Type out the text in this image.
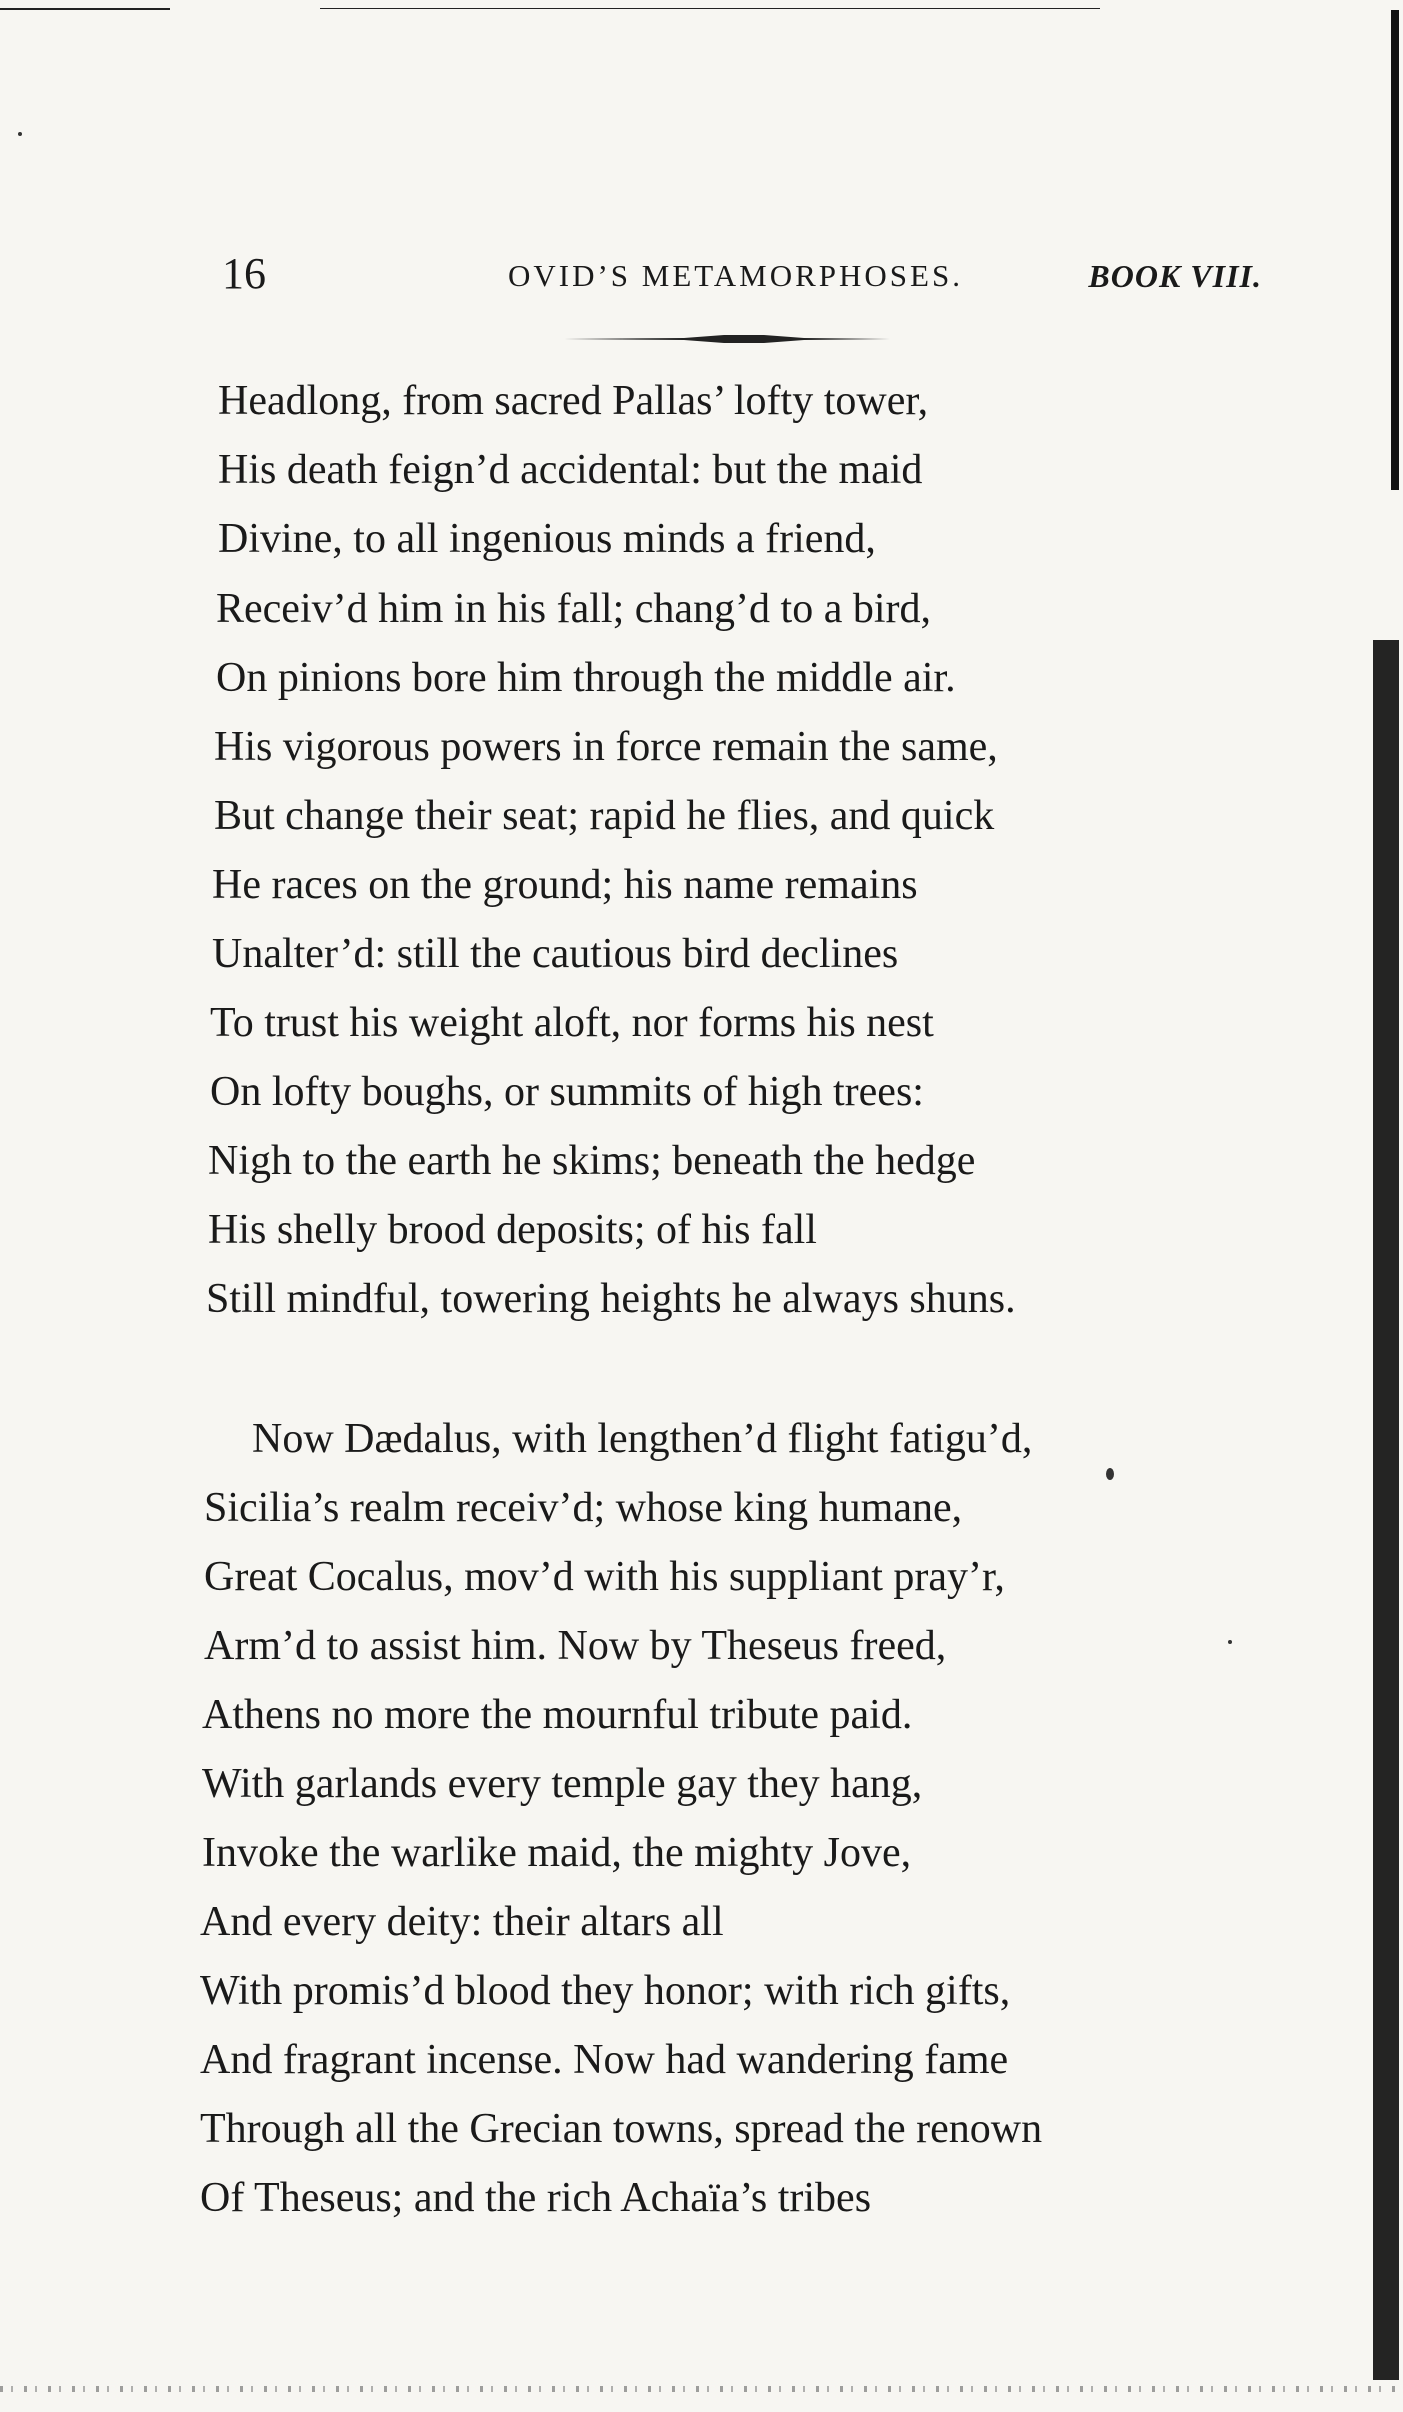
16	OVID’S METAMORPHOSES.	BOOK VIII.
Headlong, from sacred Pallas’ lofty tower,
His death feign’d accidental: but the maid
Divine, to all ingenious minds a friend,
Receiv’d him in his fall; chang’d to a bird,
On pinions bore him through the middle air.
His vigorous powers in force remain the same,
But change their seat; rapid he flies, and quick
He races on the ground; his name remains
Unalter’d: still the cautious bird declines
To trust his weight aloft, nor forms his nest
On lofty boughs, or summits of high trees:
Nigh to the earth he skims; beneath the hedge
His shelly brood deposits; of his fall
Still mindful, towering heights he always shuns.
Now Dædalus, with lengthen’d flight fatigu’d,
Sicilia’s realm receiv’d; whose king humane,
Great Cocalus, mov’d with his suppliant pray’r,
Arm’d to assist him. Now by Theseus freed,
Athens no more the mournful tribute paid.
With garlands every temple gay they hang,
Invoke the warlike maid, the mighty Jove,
And every deity: their altars all
With promis’d blood they honor; with rich gifts,
And fragrant incense. Now had wandering fame
Through all the Grecian towns, spread the renown
Of Theseus; and the rich Achaïa’s tribes
